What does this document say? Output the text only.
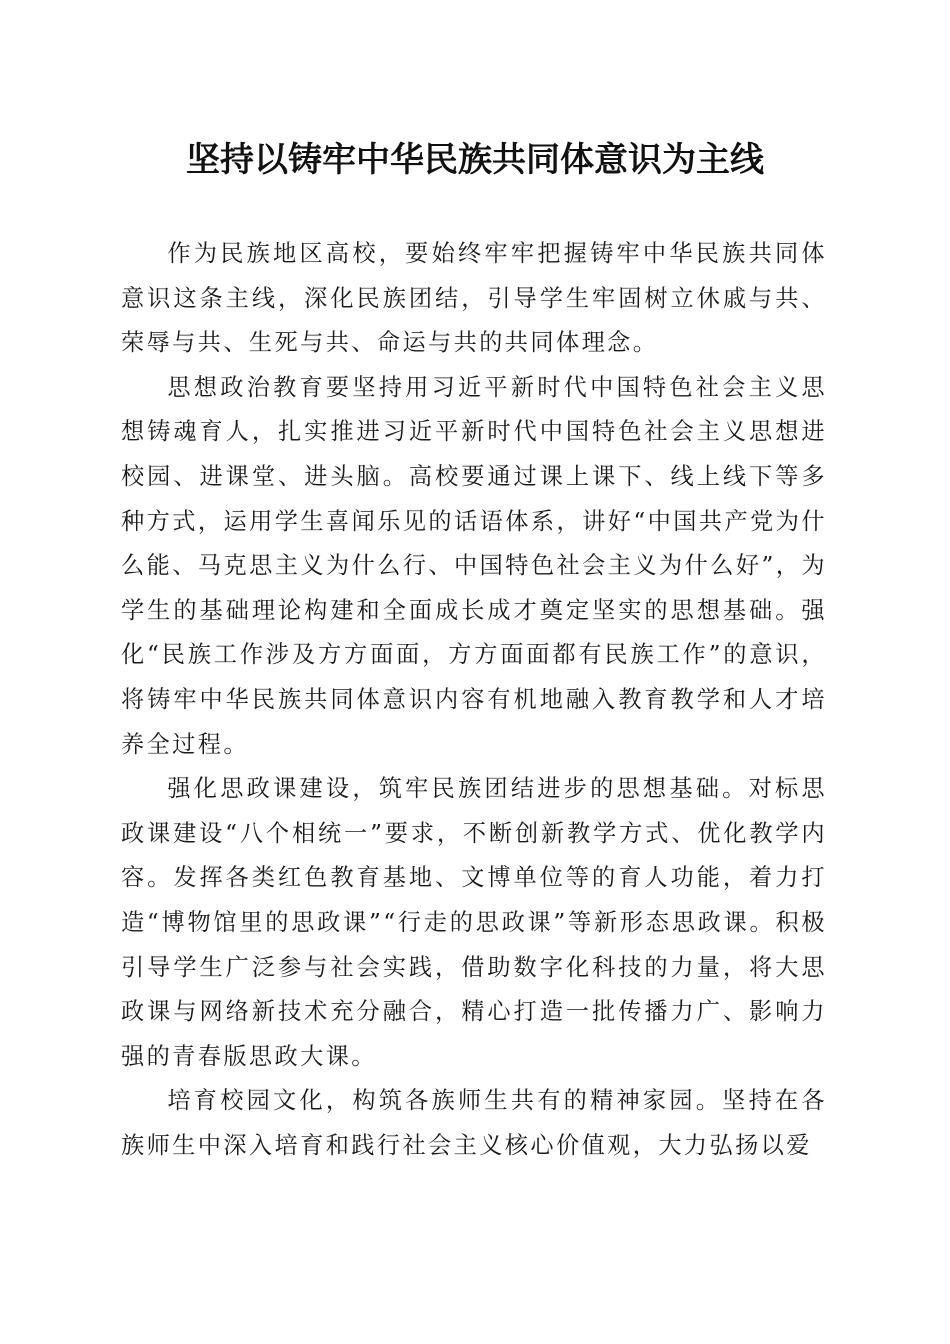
坚持以铸牢中华民族共同体意识为主线

作为民族地区高校，要始终牢牢把握铸牢中华民族共同体意识这条主线，深化民族团结，引导学生牢固树立休戚与共、荣辱与共、生死与共、命运与共的共同体理念。

思想政治教育要坚持用习近平新时代中国特色社会主义思想铸魂育人，扎实推进习近平新时代中国特色社会主义思想进校园、进课堂、进头脑。高校要通过课上课下、线上线下等多种方式，运用学生喜闻乐见的话语体系，讲好“中国共产党为什么能、马克思主义为什么行、中国特色社会主义为什么好”，为学生的基础理论构建和全面成长成才奠定坚实的思想基础。强化“民族工作涉及方方面面，方方面面都有民族工作”的意识，将铸牢中华民族共同体意识内容有机地融入教育教学和人才培养全过程。

强化思政课建设，筑牢民族团结进步的思想基础。对标思政课建设“八个相统一”要求，不断创新教学方式、优化教学内容。发挥各类红色教育基地、文博单位等的育人功能，着力打造“博物馆里的思政课”“行走的思政课”等新形态思政课。积极引导学生广泛参与社会实践，借助数字化科技的力量，将大思政课与网络新技术充分融合，精心打造一批传播力广、影响力强的青春版思政大课。

培育校园文化，构筑各族师生共有的精神家园。坚持在各族师生中深入培育和践行社会主义核心价值观，大力弘扬以爱
